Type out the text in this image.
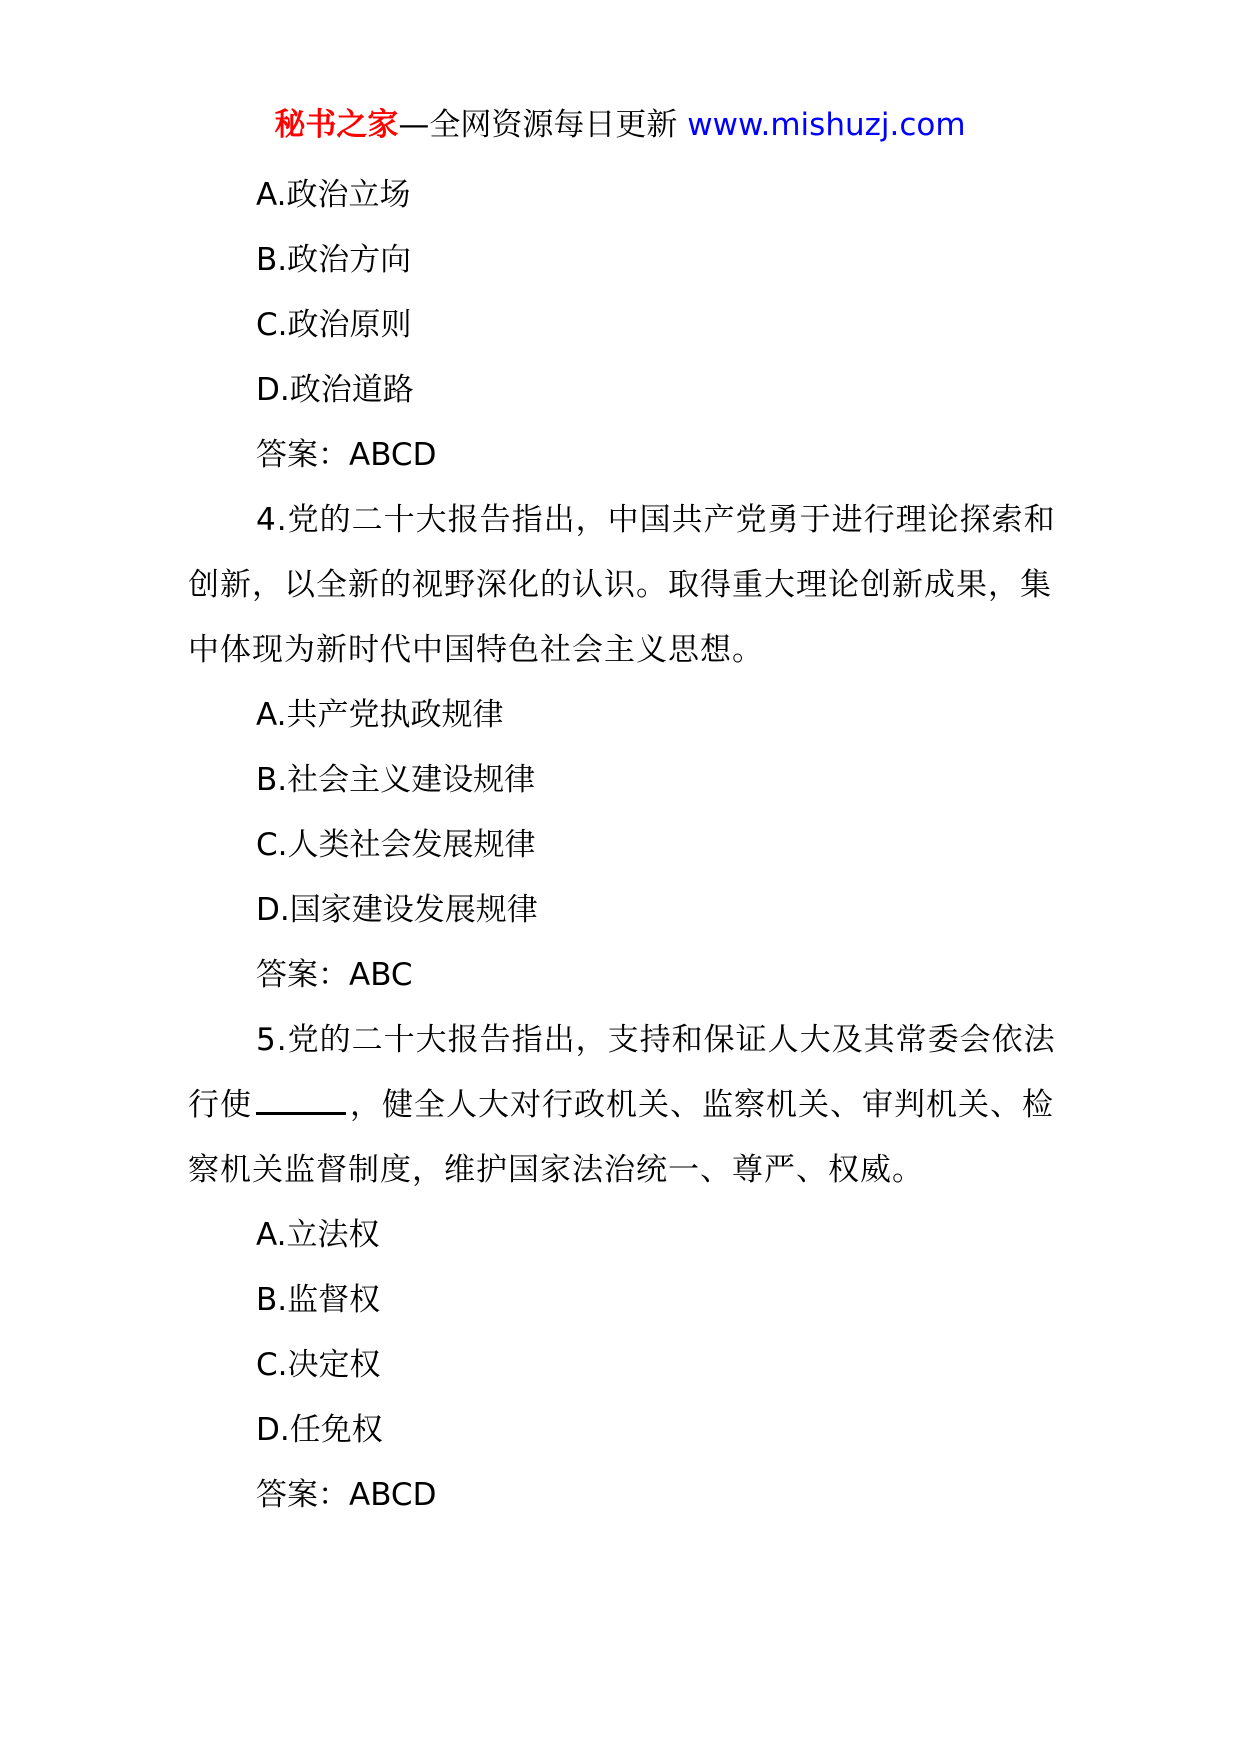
秘书之家—全网资源每日更新 www.mishuzj.com

A.政治立场

B.政治方向

C.政治原则

D.政治道路

答案：ABCD

4.党的二十大报告指出，中国共产党勇于进行理论探索和创新，以全新的视野深化的认识。取得重大理论创新成果，集中体现为新时代中国特色社会主义思想。

A.共产党执政规律

B.社会主义建设规律

C.人类社会发展规律

D.国家建设发展规律

答案：ABC

5.党的二十大报告指出，支持和保证人大及其常委会依法行使	，健全人大对行政机关、监察机关、审判机关、检察机关监督制度，维护国家法治统一、尊严、权威。

A.立法权

B.监督权

C.决定权

D.任免权

答案：ABCD
